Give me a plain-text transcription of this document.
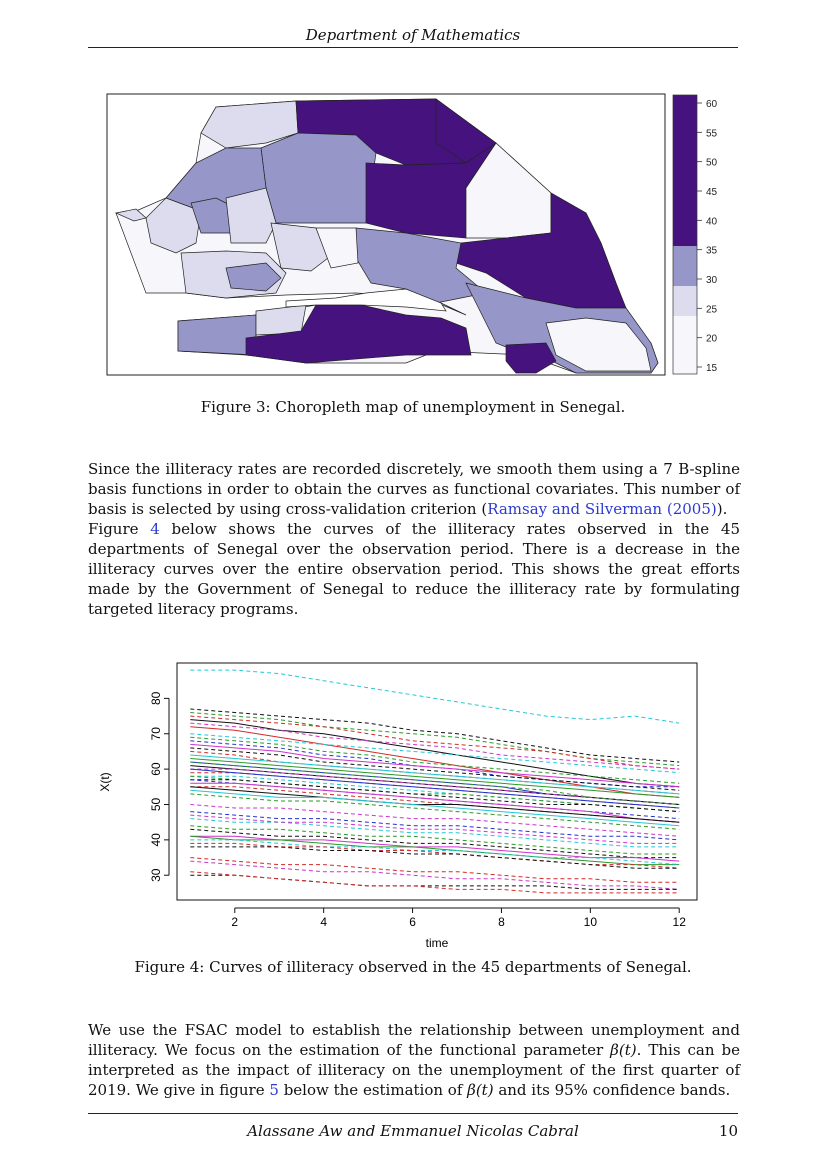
Department of Mathematics
60
55
50
45
40
35
30
25
20
15
Figure 3: Choropleth map of unemployment in Senegal.

Since the illiteracy rates are recorded discretely, we smooth them using a 7 B-spline basis functions in order to obtain the curves as functional covariates. This number of basis is selected by using cross-validation criterion (Ramsay and Silverman (2005)).
Figure 4 below shows the curves of the illiteracy rates observed in the 45 departments of Senegal over the observation period. There is a decrease in the illiteracy curves over the entire observation period. This shows the great efforts made by the Government of Senegal to reduce the illiteracy rate by formulating targeted literacy programs.

2	4	6	8	10	12
30
40
50
60
70
80
time
X(t)
Figure 4: Curves of illiteracy observed in the 45 departments of Senegal.

We use the FSAC model to establish the relationship between unemployment and illiteracy. We focus on the estimation of the functional parameter β(t). This can be interpreted as the impact of illiteracy on the unemployment of the first quarter of 2019. We give in figure 5 below the estimation of β(t) and its 95% confidence bands.

Alassane Aw and Emmanuel Nicolas Cabral	10
